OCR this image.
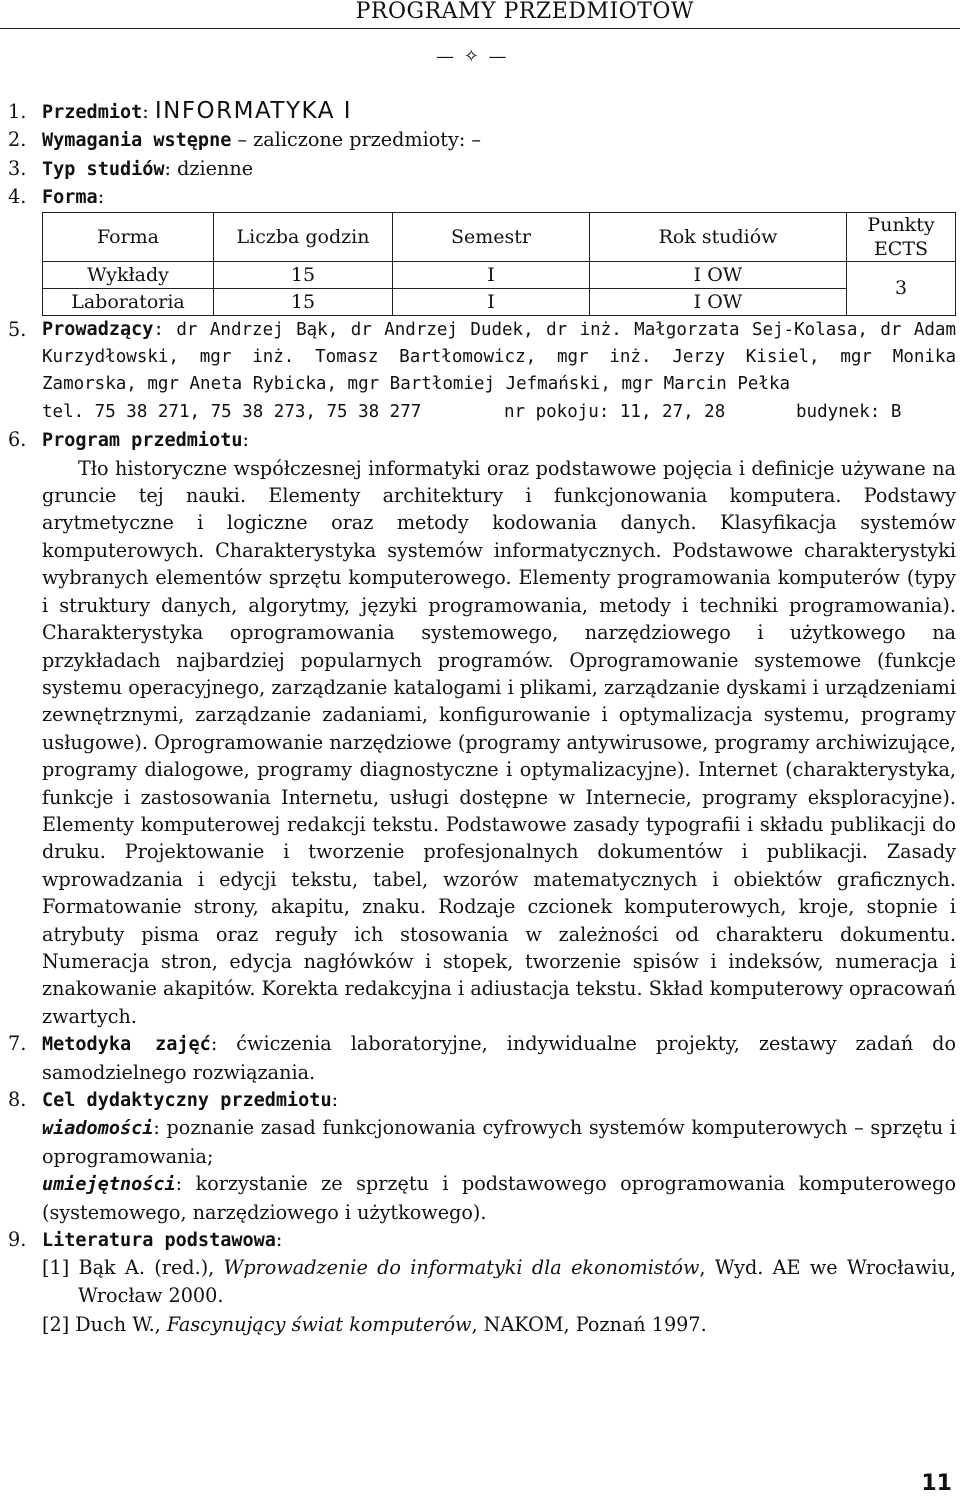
PROGRAMY PRZEDMIOTÓW
— ✧ —
1. Przedmiot: INFORMATYKA I
2. Wymagania wstępne – zaliczone przedmioty: –
3. Typ studiów: dzienne
4. Forma:
Forma	Liczba godzin	Semestr	Rok studiów	Punkty ECTS
Wykłady	15	I	I OW	3
Laboratoria	15	I	I OW	
5. Prowadzący: dr Andrzej Bąk, dr Andrzej Dudek, dr inż. Małgorzata Sej-Kolasa, dr Adam Kurzydłowski, mgr inż. Tomasz Bartłomowicz, mgr inż. Jerzy Kisiel, mgr Monika Zamorska, mgr Aneta Rybicka, mgr Bartłomiej Jefmański, mgr Marcin Pełka
tel. 75 38 271, 75 38 273, 75 38 277	nr pokoju: 11, 27, 28	budynek: B
6. Program przedmiotu:
Tło historyczne współczesnej informatyki oraz podstawowe pojęcia i definicje używane na gruncie tej nauki. Elementy architektury i funkcjonowania komputera. Podstawy arytmetyczne i logiczne oraz metody kodowania danych. Klasyfikacja systemów komputerowych. Charakterystyka systemów informatycznych. Podstawowe charakterystyki wybranych elementów sprzętu komputerowego. Elementy programowania komputerów (typy i struktury danych, algorytmy, języki programowania, metody i techniki programowania). Charakterystyka oprogramowania systemowego, narzędziowego i użytkowego na przykładach najbardziej popularnych programów. Oprogramowanie systemowe (funkcje systemu operacyjnego, zarządzanie katalogami i plikami, zarządzanie dyskami i urządzeniami zewnętrznymi, zarządzanie zadaniami, konfigurowanie i optymalizacja systemu, programy usługowe). Oprogramowanie narzędziowe (programy antywirusowe, programy archiwizujące, programy dialogowe, programy diagnostyczne i optymalizacyjne). Internet (charakterystyka, funkcje i zastosowania Internetu, usługi dostępne w Internecie, programy eksploracyjne). Elementy komputerowej redakcji tekstu. Podstawowe zasady typografii i składu publikacji do druku. Projektowanie i tworzenie profesjonalnych dokumentów i publikacji. Zasady wprowadzania i edycji tekstu, tabel, wzorów matematycznych i obiektów graficznych. Formatowanie strony, akapitu, znaku. Rodzaje czcionek komputerowych, kroje, stopnie i atrybuty pisma oraz reguły ich stosowania w zależności od charakteru dokumentu. Numeracja stron, edycja nagłówków i stopek, tworzenie spisów i indeksów, numeracja i znakowanie akapitów. Korekta redakcyjna i adiustacja tekstu. Skład komputerowy opracowań zwartych.
7. Metodyka zajęć: ćwiczenia laboratoryjne, indywidualne projekty, zestawy zadań do samodzielnego rozwiązania.
8. Cel dydaktyczny przedmiotu:
wiadomości: poznanie zasad funkcjonowania cyfrowych systemów komputerowych – sprzętu i oprogramowania;
umiejętności: korzystanie ze sprzętu i podstawowego oprogramowania komputerowego (systemowego, narzędziowego i użytkowego).
9. Literatura podstawowa:
[1] Bąk A. (red.), Wprowadzenie do informatyki dla ekonomistów, Wyd. AE we Wrocławiu, Wrocław 2000.
[2] Duch W., Fascynujący świat komputerów, NAKOM, Poznań 1997.
11
